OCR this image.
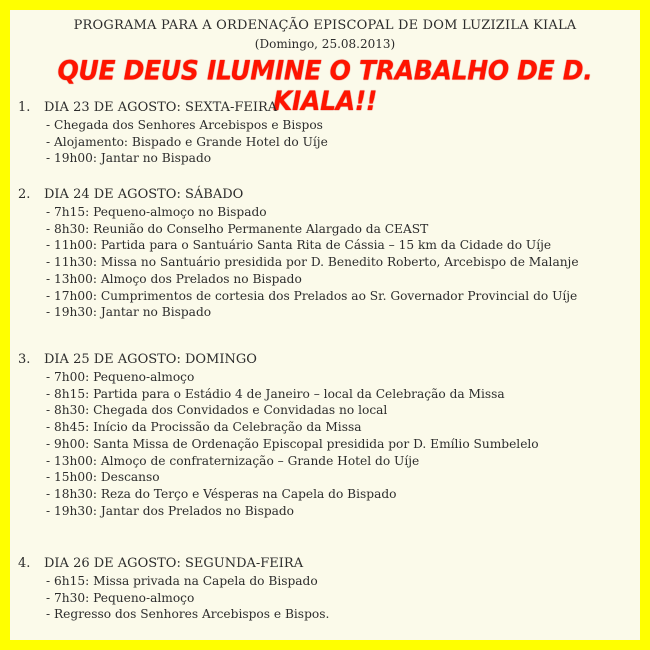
PROGRAMA PARA A ORDENAÇÃO EPISCOPAL DE DOM LUZIZILA KIALA
(Domingo, 25.08.2013)
QUE DEUS ILUMINE O TRABALHO DE D. KIALA!!
1. DIA 23 DE AGOSTO: SEXTA-FEIRA
- Chegada dos Senhores Arcebispos e Bispos
- Alojamento: Bispado e Grande Hotel do Uíje
- 19h00: Jantar no Bispado
2. DIA 24 DE AGOSTO: SÁBADO
- 7h15: Pequeno-almoço no Bispado
- 8h30: Reunião do Conselho Permanente Alargado da CEAST
- 11h00: Partida para o Santuário Santa Rita de Cássia – 15 km da Cidade do Uíje
- 11h30: Missa no Santuário presidida por D. Benedito Roberto, Arcebispo de Malanje
- 13h00: Almoço dos Prelados no Bispado
- 17h00: Cumprimentos de cortesia dos Prelados ao Sr. Governador Provincial do Uíje
- 19h30: Jantar no Bispado
3. DIA 25 DE AGOSTO: DOMINGO
- 7h00: Pequeno-almoço
- 8h15: Partida para o Estádio 4 de Janeiro – local da Celebração da Missa
- 8h30: Chegada dos Convidados e Convidadas no local
- 8h45: Início da Procissão da Celebração da Missa
- 9h00: Santa Missa de Ordenação Episcopal presidida por D. Emílio Sumbelelo
- 13h00: Almoço de confraternização – Grande Hotel do Uíje
- 15h00: Descanso
- 18h30: Reza do Terço e Vésperas na Capela do Bispado
- 19h30: Jantar dos Prelados no Bispado
4. DIA 26 DE AGOSTO: SEGUNDA-FEIRA
- 6h15: Missa privada na Capela do Bispado
- 7h30: Pequeno-almoço
- Regresso dos Senhores Arcebispos e Bispos.
